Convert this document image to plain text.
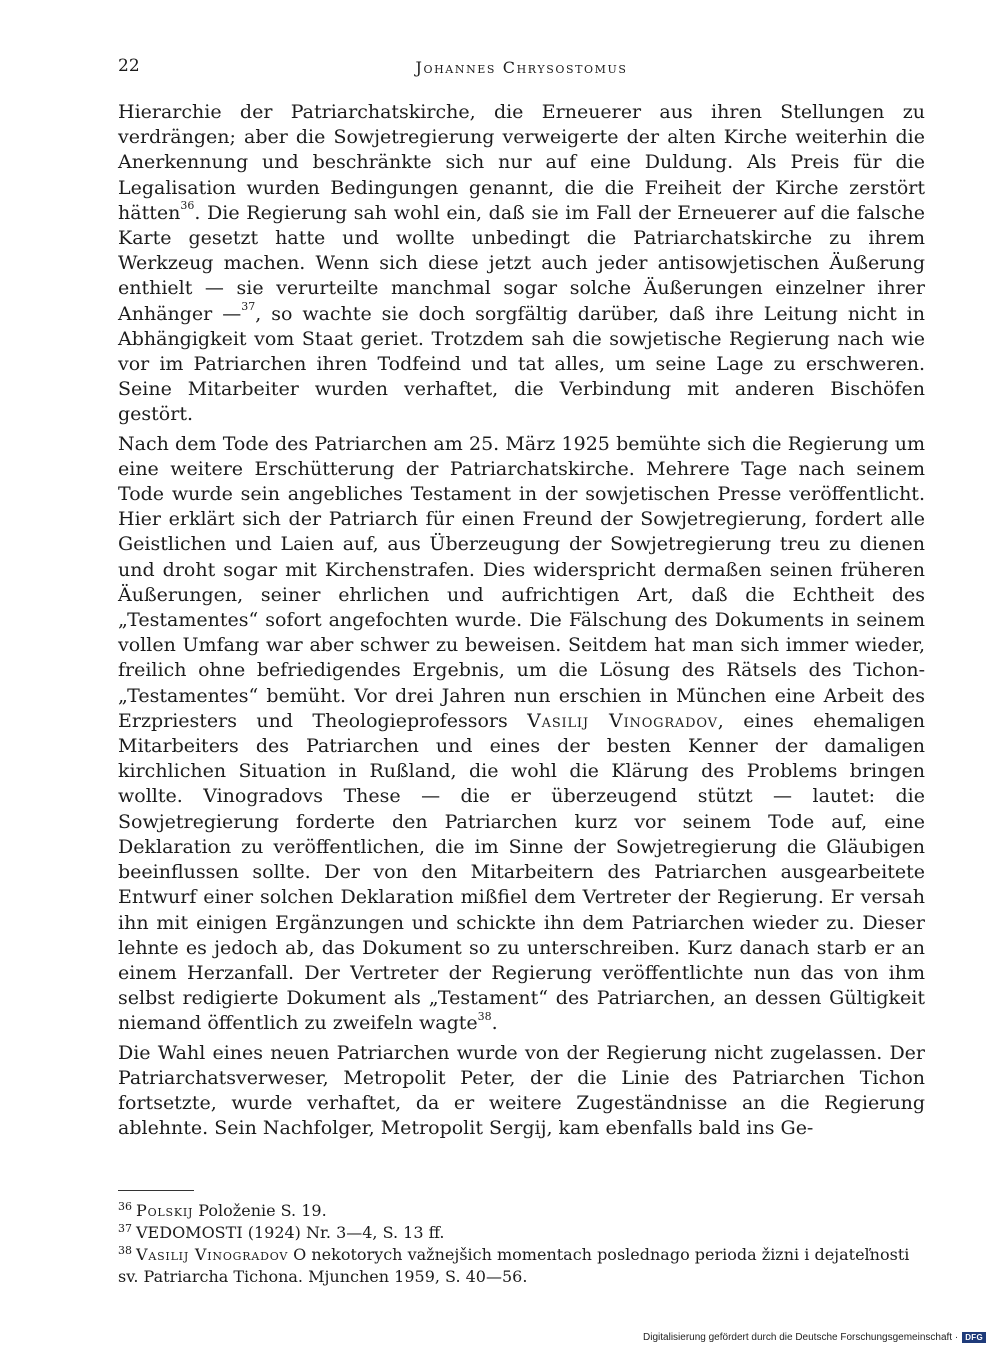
22	Johannes Chrysostomus

Hierarchie der Patriarchatskirche, die Erneuerer aus ihren Stellungen zu verdrängen; aber die Sowjetregierung verweigerte der alten Kirche weiterhin die Anerkennung und beschränkte sich nur auf eine Duldung. Als Preis für die Legalisation wurden Bedingungen genannt, die die Freiheit der Kirche zerstört hätten$^{36}$. Die Regierung sah wohl ein, daß sie im Fall der Erneuerer auf die falsche Karte gesetzt hatte und wollte unbedingt die Patriarchatskirche zu ihrem Werkzeug machen. Wenn sich diese jetzt auch jeder antisowjetischen Äußerung enthielt — sie verurteilte manchmal sogar solche Äußerungen einzelner ihrer Anhänger —$^{37}$, so wachte sie doch sorgfältig darüber, daß ihre Leitung nicht in Abhängigkeit vom Staat geriet. Trotzdem sah die sowjetische Regierung nach wie vor im Patriarchen ihren Todfeind und tat alles, um seine Lage zu erschweren. Seine Mitarbeiter wurden verhaftet, die Verbindung mit anderen Bischöfen gestört.

Nach dem Tode des Patriarchen am 25. März 1925 bemühte sich die Regierung um eine weitere Erschütterung der Patriarchatskirche. Mehrere Tage nach seinem Tode wurde sein angebliches Testament in der sowjetischen Presse veröffentlicht. Hier erklärt sich der Patriarch für einen Freund der Sowjetregierung, fordert alle Geistlichen und Laien auf, aus Überzeugung der Sowjetregierung treu zu dienen und droht sogar mit Kirchenstrafen. Dies widerspricht dermaßen seinen früheren Äußerungen, seiner ehrlichen und aufrichtigen Art, daß die Echtheit des „Testamentes“ sofort angefochten wurde. Die Fälschung des Dokuments in seinem vollen Umfang war aber schwer zu beweisen. Seitdem hat man sich immer wieder, freilich ohne befriedigendes Ergebnis, um die Lösung des Rätsels des Tichon-„Testamentes“ bemüht. Vor drei Jahren nun erschien in München eine Arbeit des Erzpriesters und Theologieprofessors Vasilij Vinogradov, eines ehemaligen Mitarbeiters des Patriarchen und eines der besten Kenner der damaligen kirchlichen Situation in Rußland, die wohl die Klärung des Problems bringen wollte. Vinogradovs These — die er überzeugend stützt — lautet: die Sowjetregierung forderte den Patriarchen kurz vor seinem Tode auf, eine Deklaration zu veröffentlichen, die im Sinne der Sowjetregierung die Gläubigen beeinflussen sollte. Der von den Mitarbeitern des Patriarchen ausgearbeitete Entwurf einer solchen Deklaration mißfiel dem Vertreter der Regierung. Er versah ihn mit einigen Ergänzungen und schickte ihn dem Patriarchen wieder zu. Dieser lehnte es jedoch ab, das Dokument so zu unterschreiben. Kurz danach starb er an einem Herzanfall. Der Vertreter der Regierung veröffentlichte nun das von ihm selbst redigierte Dokument als „Testament“ des Patriarchen, an dessen Gültigkeit niemand öffentlich zu zweifeln wagte$^{38}$.

Die Wahl eines neuen Patriarchen wurde von der Regierung nicht zugelassen. Der Patriarchatsverweser, Metropolit Peter, der die Linie des Patriarchen Tichon fortsetzte, wurde verhaftet, da er weitere Zugeständnisse an die Regierung ablehnte. Sein Nachfolger, Metropolit Sergij, kam ebenfalls bald ins Ge-

$^{36}$ Polskij Položenie S. 19.

$^{37}$ VEDOMOSTI (1924) Nr. 3—4, S. 13 ff.

$^{38}$ Vasilij Vinogradov O nekotorych važnejšich momentach poslednago perioda žizni i dejateľnosti sv. Patriarcha Tichona. Mjunchen 1959, S. 40—56.

Digitalisierung gefördert durch die Deutsche Forschungsgemeinschaft · DFG
